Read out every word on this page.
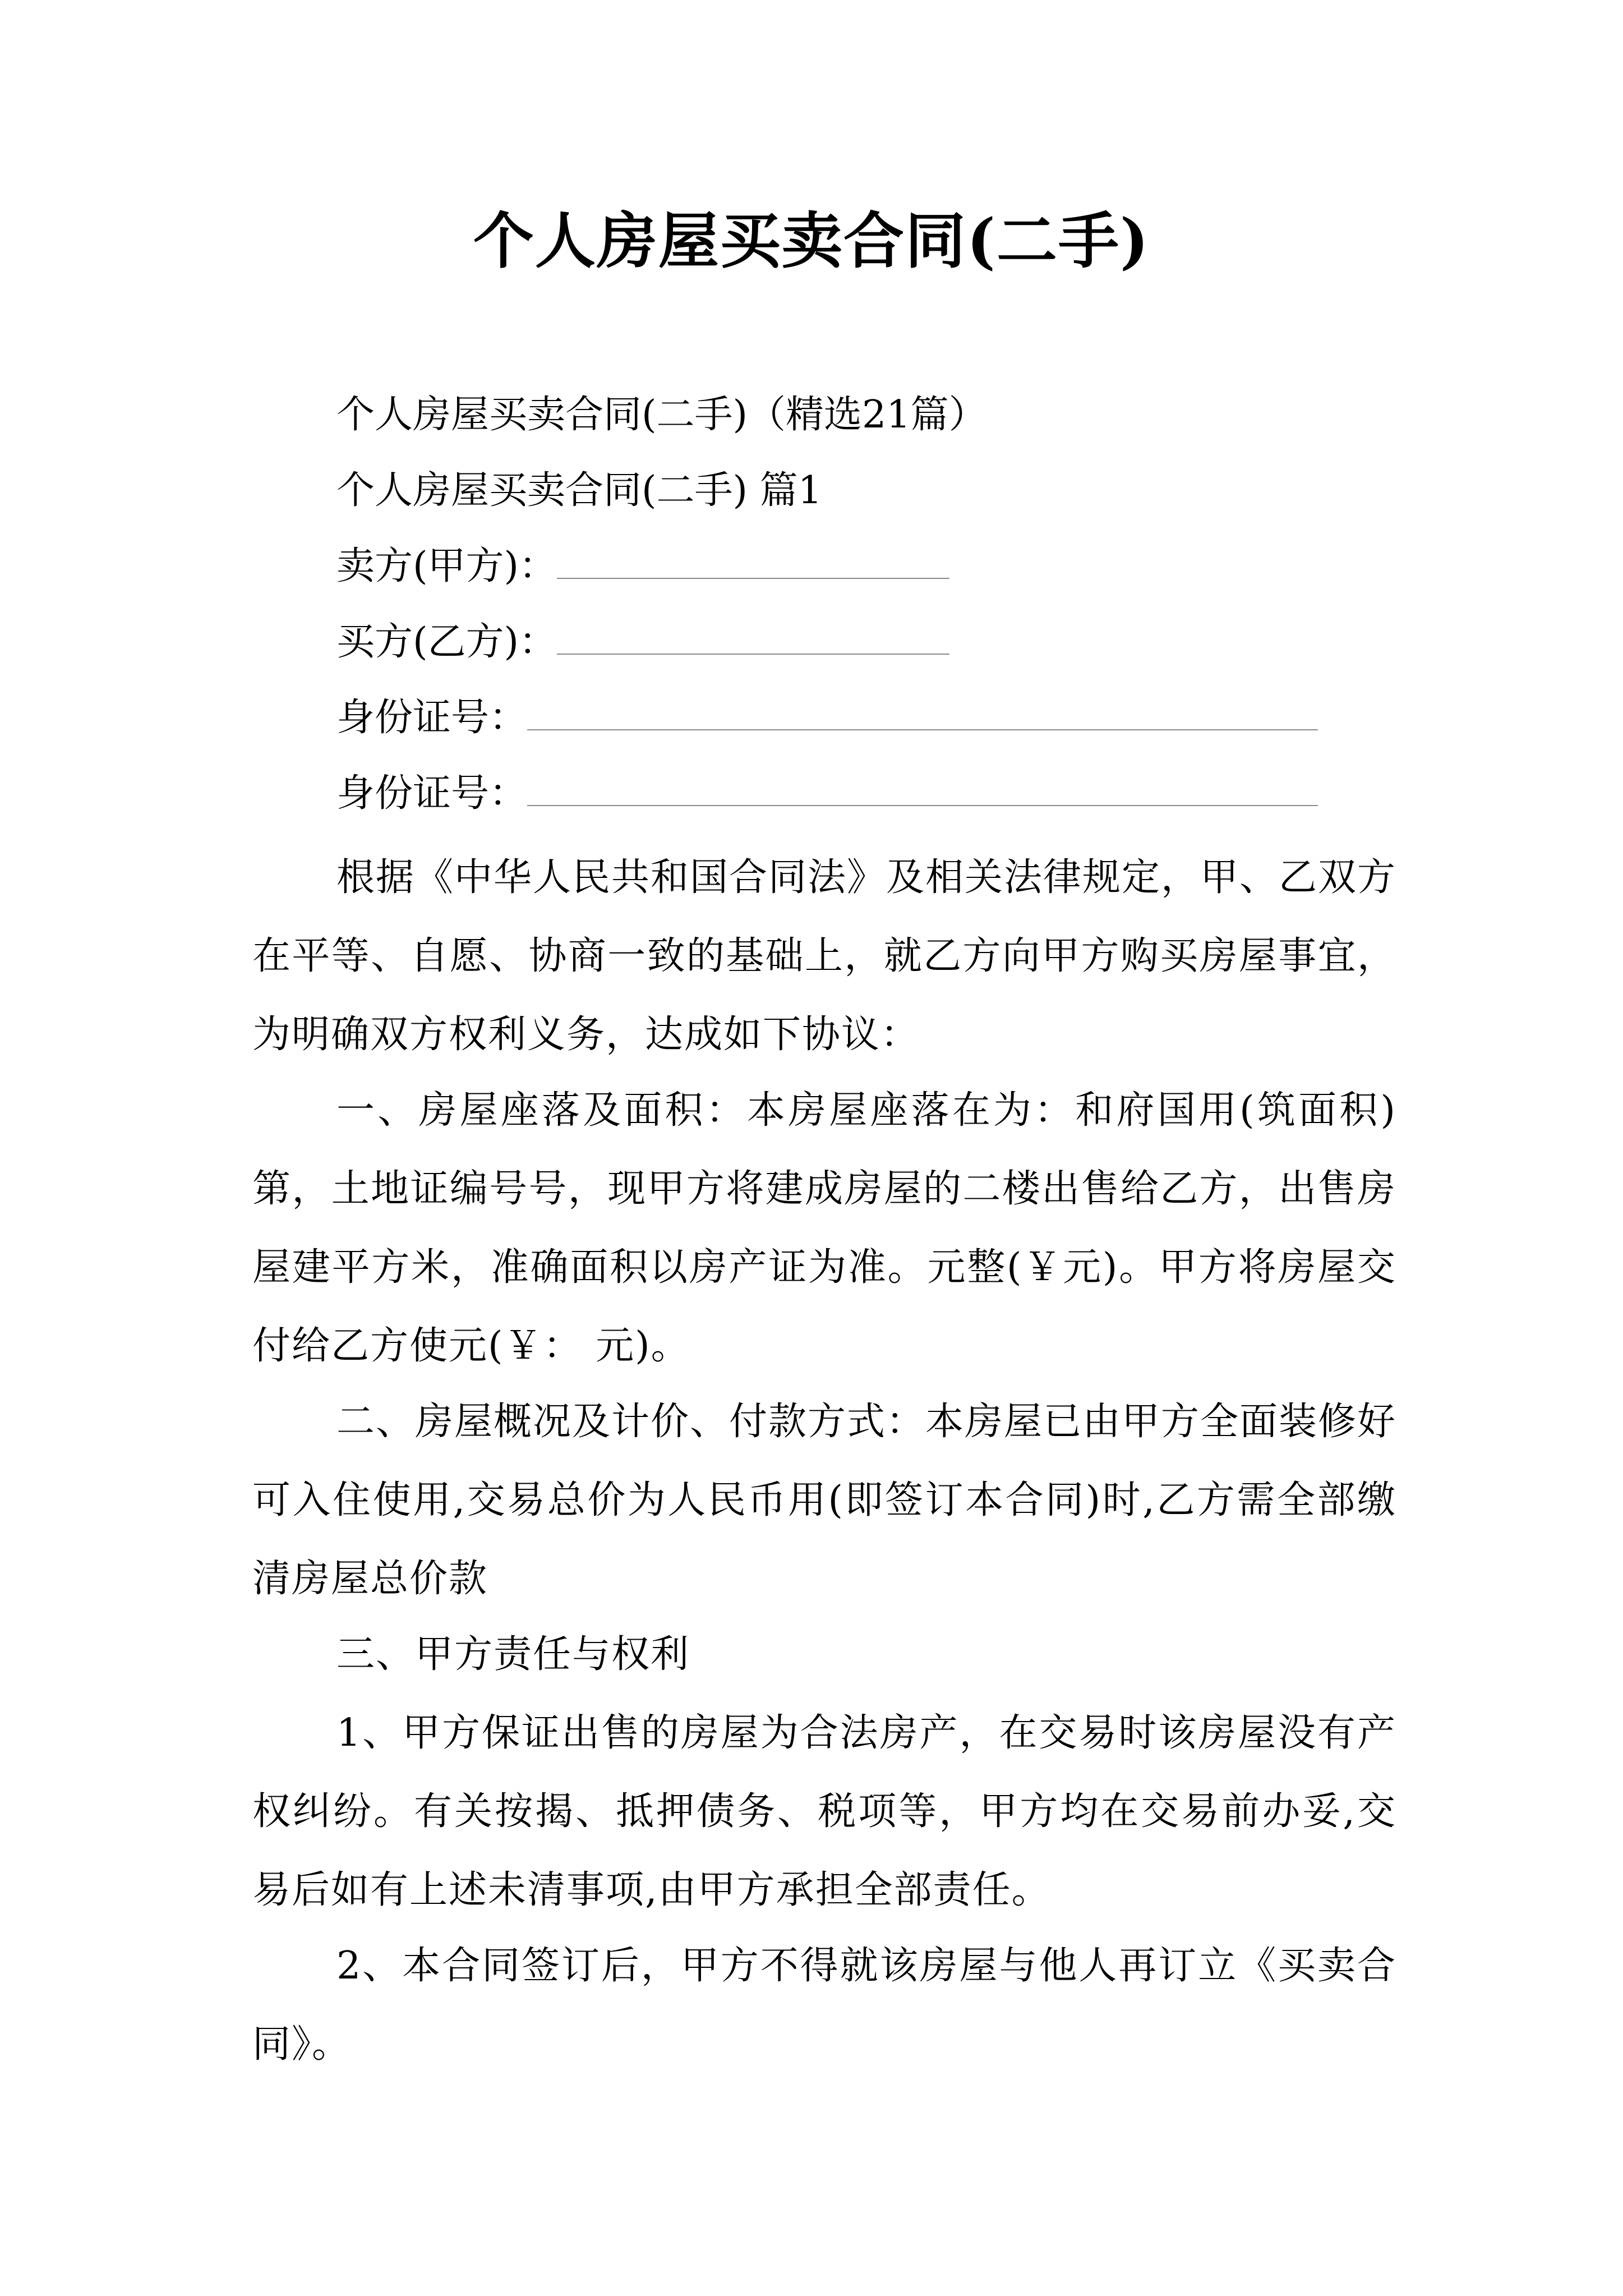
个人房屋买卖合同(二手)
个人房屋买卖合同(二手)（精选21篇）
个人房屋买卖合同(二手) 篇1
卖方(甲方)：
买方(乙方)：
身份证号：
身份证号：
根据《中华人民共和国合同法》及相关法律规定，甲、乙双方在平等、自愿、协商一致的基础上，就乙方向甲方购买房屋事宜，为明确双方权利义务，达成如下协议：
一、房屋座落及面积：本房屋座落在为：和府国用(筑面积)第，土地证编号号，现甲方将建成房屋的二楼出售给乙方，出售房屋建平方米，准确面积以房产证为准。元整(￥元)。甲方将房屋交付给乙方使元(￥： 元)。
二、房屋概况及计价、付款方式：本房屋已由甲方全面装修好可入住使用,交易总价为人民币用(即签订本合同)时,乙方需全部缴清房屋总价款
三、甲方责任与权利
1、甲方保证出售的房屋为合法房产，在交易时该房屋没有产权纠纷。有关按揭、抵押债务、税项等，甲方均在交易前办妥,交易后如有上述未清事项,由甲方承担全部责任。
2、本合同签订后，甲方不得就该房屋与他人再订立《买卖合同》。
